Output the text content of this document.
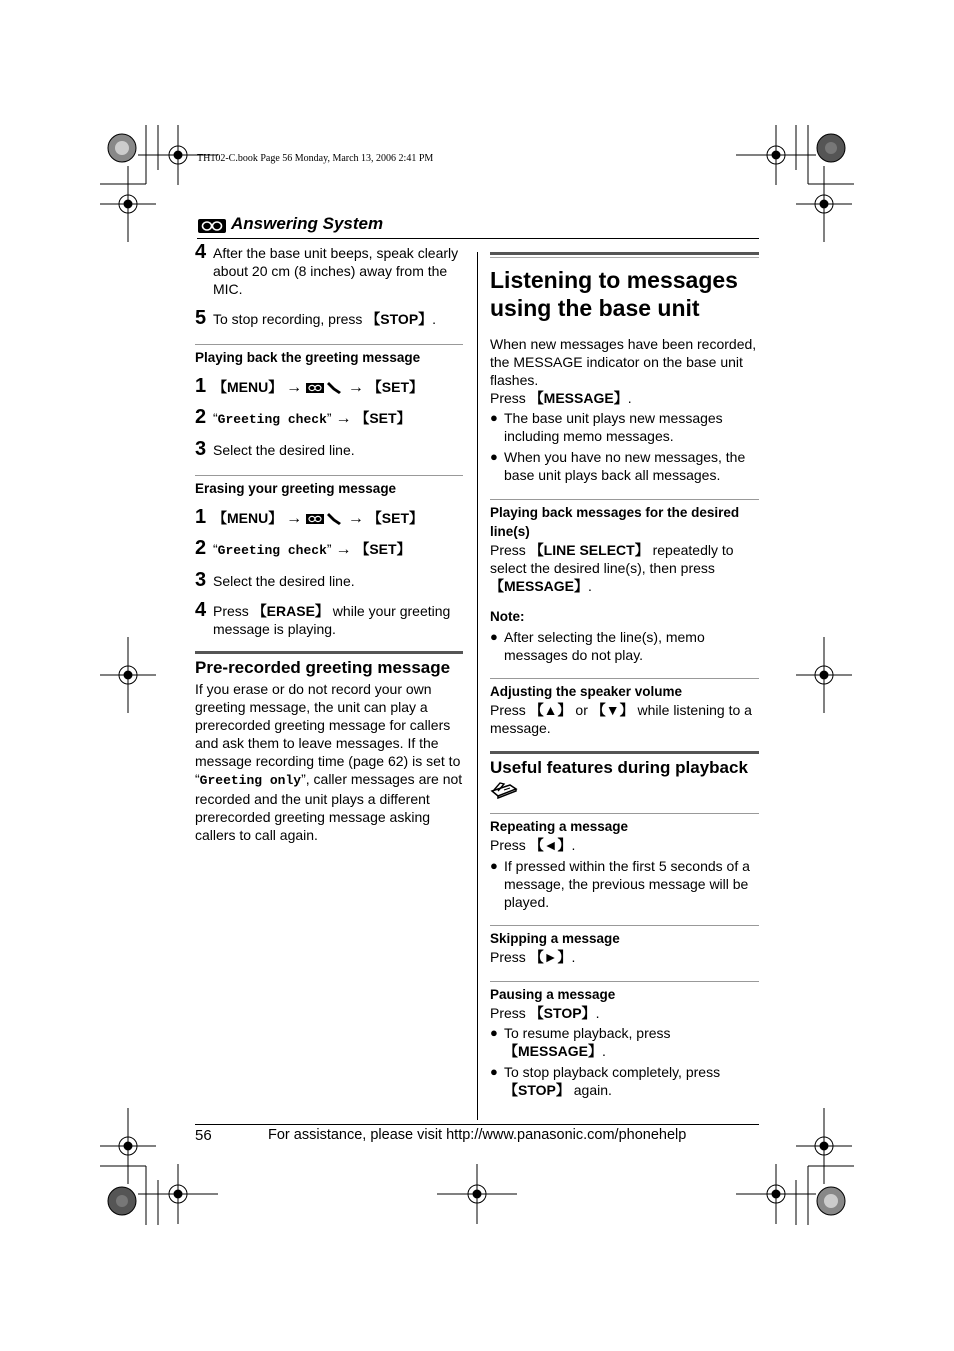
TH102-C.book Page 56 Monday, March 13, 2006 2:41 PM
Answering System
4 After the base unit beeps, speak clearly about 20 cm (8 inches) away from the MIC.
5 To stop recording, press 【STOP】.
Playing back the greeting message
1 【MENU】 →	→ 【SET】
2 “Greeting check” → 【SET】
3 Select the desired line.
Erasing your greeting message
1 【MENU】 →	→ 【SET】
2 “Greeting check” → 【SET】
3 Select the desired line.
4 Press 【ERASE】 while your greeting message is playing.
Pre-recorded greeting message
If you erase or do not record your own greeting message, the unit can play a prerecorded greeting message for callers and ask them to leave messages. If the message recording time (page 62) is set to “Greeting only”, caller messages are not recorded and the unit plays a different prerecorded greeting message asking callers to call again.
Listening to messages using the base unit
When new messages have been recorded, the MESSAGE indicator on the base unit flashes.
Press 【MESSAGE】.
● The base unit plays new messages including memo messages.
● When you have no new messages, the base unit plays back all messages.
Playing back messages for the desired line(s)
Press 【LINE SELECT】 repeatedly to select the desired line(s), then press 【MESSAGE】.
Note:
● After selecting the line(s), memo messages do not play.
Adjusting the speaker volume
Press 【▲】 or 【▼】 while listening to a message.
Useful features during playback
Repeating a message
Press 【◄】.
● If pressed within the first 5 seconds of a message, the previous message will be played.
Skipping a message
Press 【►】.
Pausing a message
Press 【STOP】.
● To resume playback, press 【MESSAGE】.
● To stop playback completely, press 【STOP】 again.
56	For assistance, please visit http://www.panasonic.com/phonehelp
